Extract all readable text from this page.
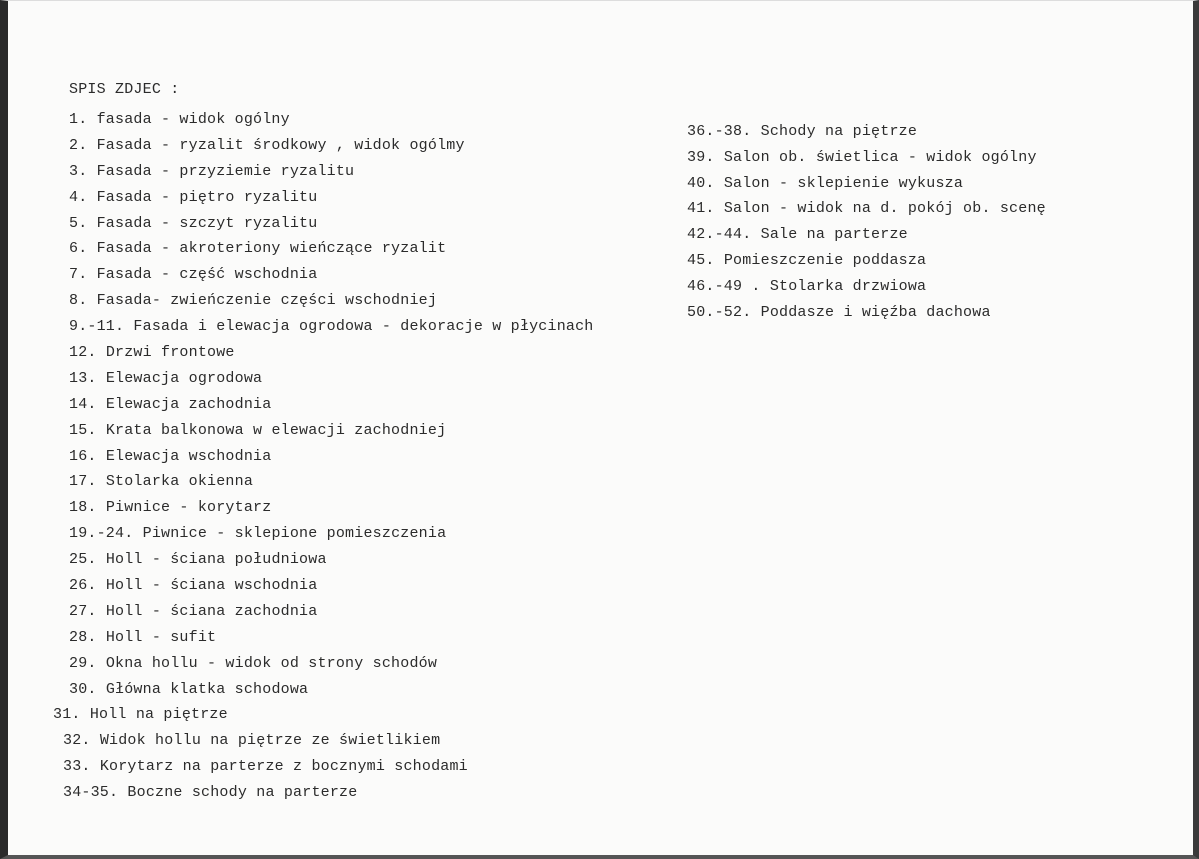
SPIS ZDJEC :
1. fasada - widok ogólny
2. Fasada - ryzalit środkowy , widok ogólmy
3. Fasada - przyziemie ryzalitu
4. Fasada - piętro ryzalitu
5. Fasada - szczyt ryzalitu
6. Fasada - akroteriony wieńczące ryzalit
7. Fasada - część wschodnia
8. Fasada- zwieńczenie części wschodniej
9.-11. Fasada i elewacja ogrodowa - dekoracje w płycinach
12. Drzwi frontowe
13. Elewacja ogrodowa
14. Elewacja zachodnia
15. Krata balkonowa w elewacji zachodniej
16. Elewacja wschodnia
17. Stolarka okienna
18. Piwnice - korytarz
19.-24. Piwnice - sklepione pomieszczenia
25. Holl - ściana południowa
26. Holl - ściana wschodnia
27. Holl - ściana zachodnia
28. Holl - sufit
29. Okna hollu - widok od strony schodów
30. Główna klatka schodowa
31. Holl na piętrze
32. Widok hollu na piętrze ze świetlikiem
33. Korytarz na parterze z bocznymi schodami
34-35. Boczne schody na parterze
36.-38. Schody na piętrze
39. Salon ob. świetlica - widok ogólny
40. Salon - sklepienie wykusza
41. Salon - widok na d. pokój ob. scenę
42.-44. Sale na parterze
45. Pomieszczenie poddasza
46.-49 . Stolarka drzwiowa
50.-52. Poddasze i więźba dachowa
